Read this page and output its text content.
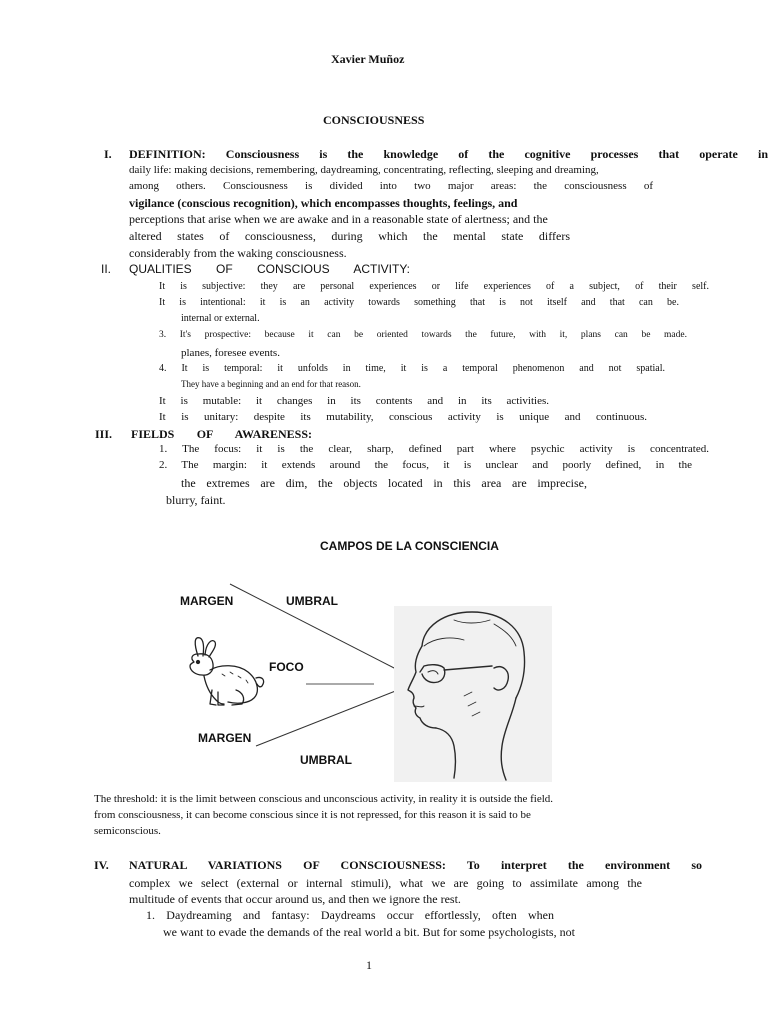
Xavier Muñoz
CONSCIOUSNESS
I. DEFINITION: Consciousness is the knowledge of the cognitive processes that operate in
daily life: making decisions, remembering, daydreaming, concentrating, reflecting, sleeping and dreaming,
among others. Consciousness is divided into two major areas: the consciousness of
vigilance (conscious recognition), which encompasses thoughts, feelings, and
perceptions that arise when we are awake and in a reasonable state of alertness; and the
altered states of consciousness, during which the mental state differs
considerably from the waking consciousness.
II. QUALITIES OF CONSCIOUS ACTIVITY:
It is subjective: they are personal experiences or life experiences of a subject, of their self.
It is intentional: it is an activity towards something that is not itself and that can be.
internal or external.
3. It's prospective: because it can be oriented towards the future, with it, plans can be made.
planes, foresee events.
4. It is temporal: it unfolds in time, it is a temporal phenomenon and not spatial.
They have a beginning and an end for that reason.
It is mutable: it changes in its contents and in its activities.
It is unitary: despite its mutability, conscious activity is unique and continuous.
III. FIELDS OF AWARENESS:
1. The focus: it is the clear, sharp, defined part where psychic activity is concentrated.
2. The margin: it extends around the focus, it is unclear and poorly defined, in the
the extremes are dim, the objects located in this area are imprecise,
blurry, faint.
CAMPOS DE LA CONSCIENCIA
MARGEN	UMBRAL
FOCO
MARGEN
UMBRAL
The threshold: it is the limit between conscious and unconscious activity, in reality it is outside the field.
from consciousness, it can become conscious since it is not repressed, for this reason it is said to be
semiconscious.
IV. NATURAL VARIATIONS OF CONSCIOUSNESS: To interpret the environment so
complex we select (external or internal stimuli), what we are going to assimilate among the
multitude of events that occur around us, and then we ignore the rest.
1. Daydreaming and fantasy: Daydreams occur effortlessly, often when
we want to evade the demands of the real world a bit. But for some psychologists, not
1
